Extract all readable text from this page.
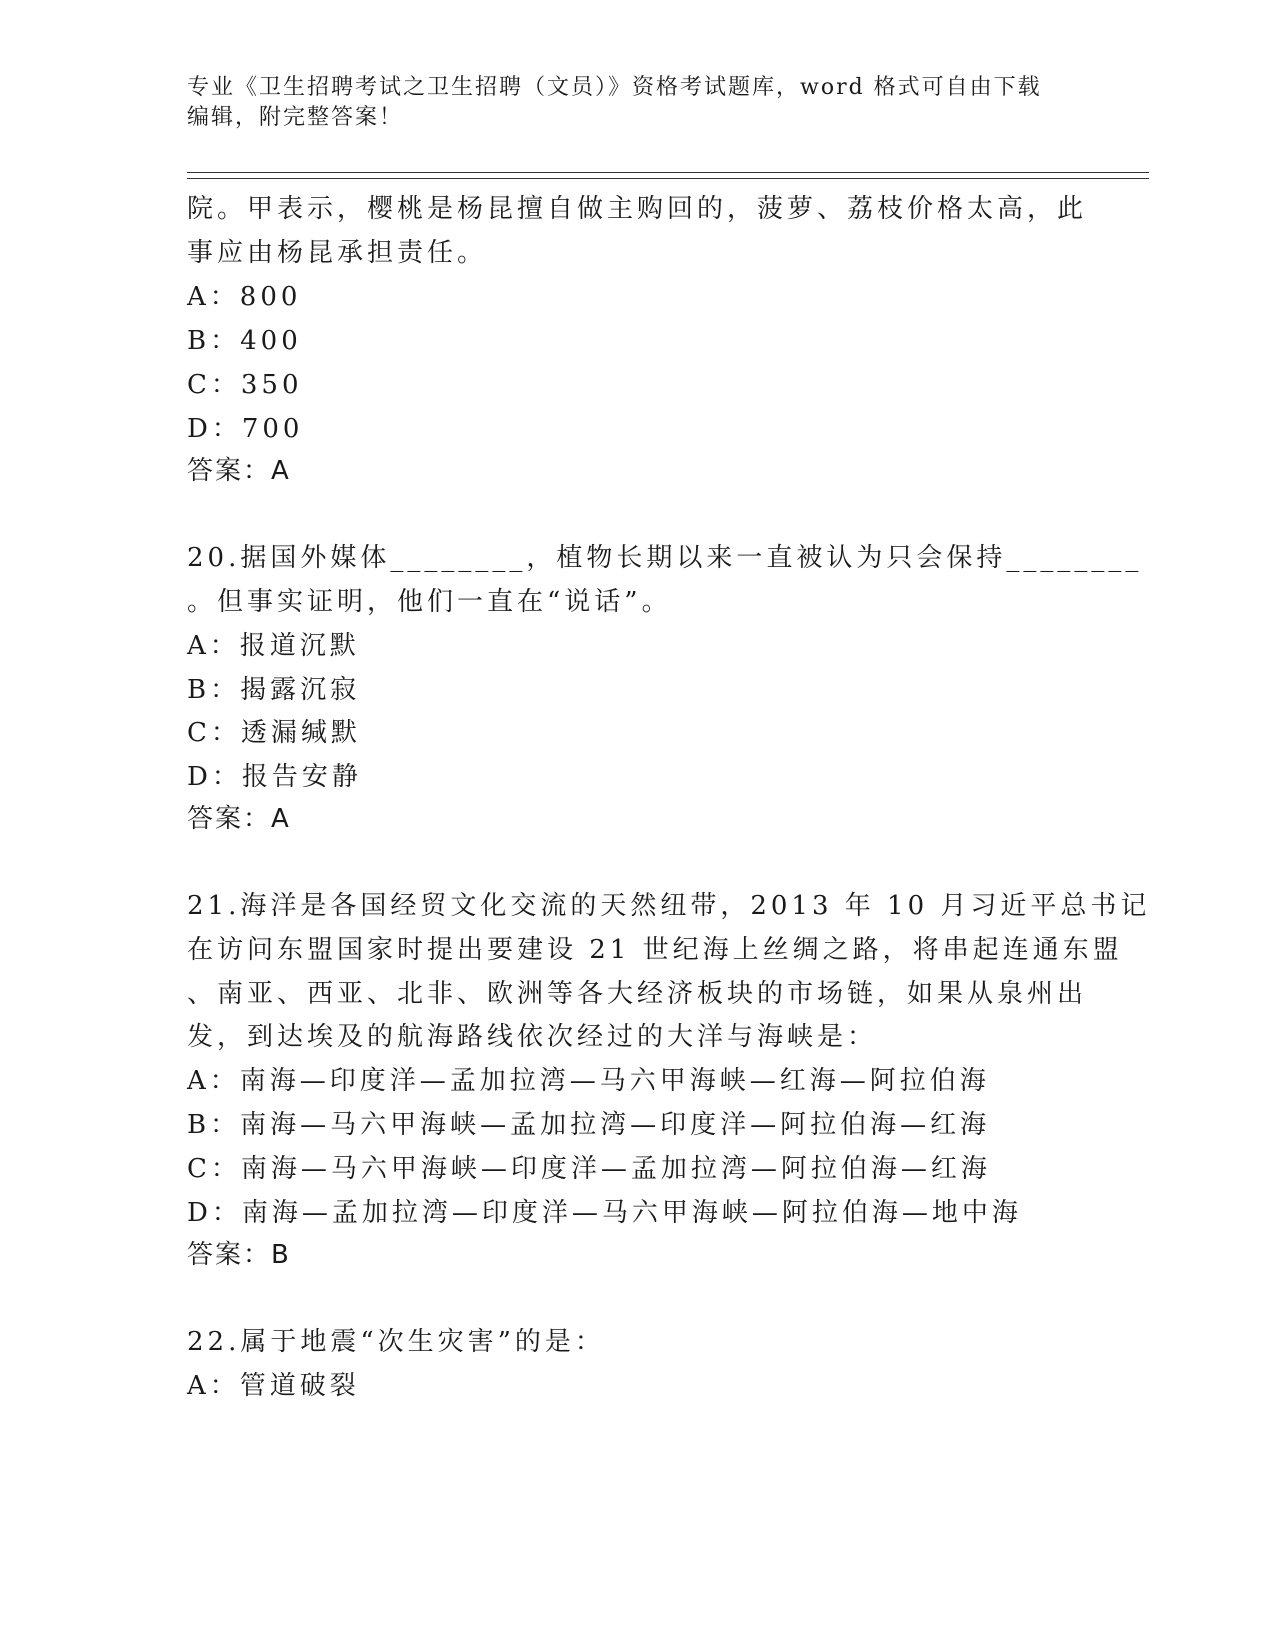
专业《卫生招聘考试之卫生招聘（文员）》资格考试题库，word 格式可自由下载
编辑，附完整答案！
院。甲表示，樱桃是杨昆擅自做主购回的，菠萝、荔枝价格太高，此
事应由杨昆承担责任。
A：800
B：400
C：350
D：700
答案：A
20.据国外媒体________，植物长期以来一直被认为只会保持________
。但事实证明，他们一直在“说话”。
A：报道沉默
B：揭露沉寂
C：透漏缄默
D：报告安静
答案：A
21.海洋是各国经贸文化交流的天然纽带，2013 年 10 月习近平总书记
在访问东盟国家时提出要建设 21 世纪海上丝绸之路，将串起连通东盟
、南亚、西亚、北非、欧洲等各大经济板块的市场链，如果从泉州出
发，到达埃及的航海路线依次经过的大洋与海峡是：
A：南海—印度洋—孟加拉湾—马六甲海峡—红海—阿拉伯海
B：南海—马六甲海峡—孟加拉湾—印度洋—阿拉伯海—红海
C：南海—马六甲海峡—印度洋—孟加拉湾—阿拉伯海—红海
D：南海—孟加拉湾—印度洋—马六甲海峡—阿拉伯海—地中海
答案：B
22.属于地震“次生灾害”的是：
A：管道破裂
